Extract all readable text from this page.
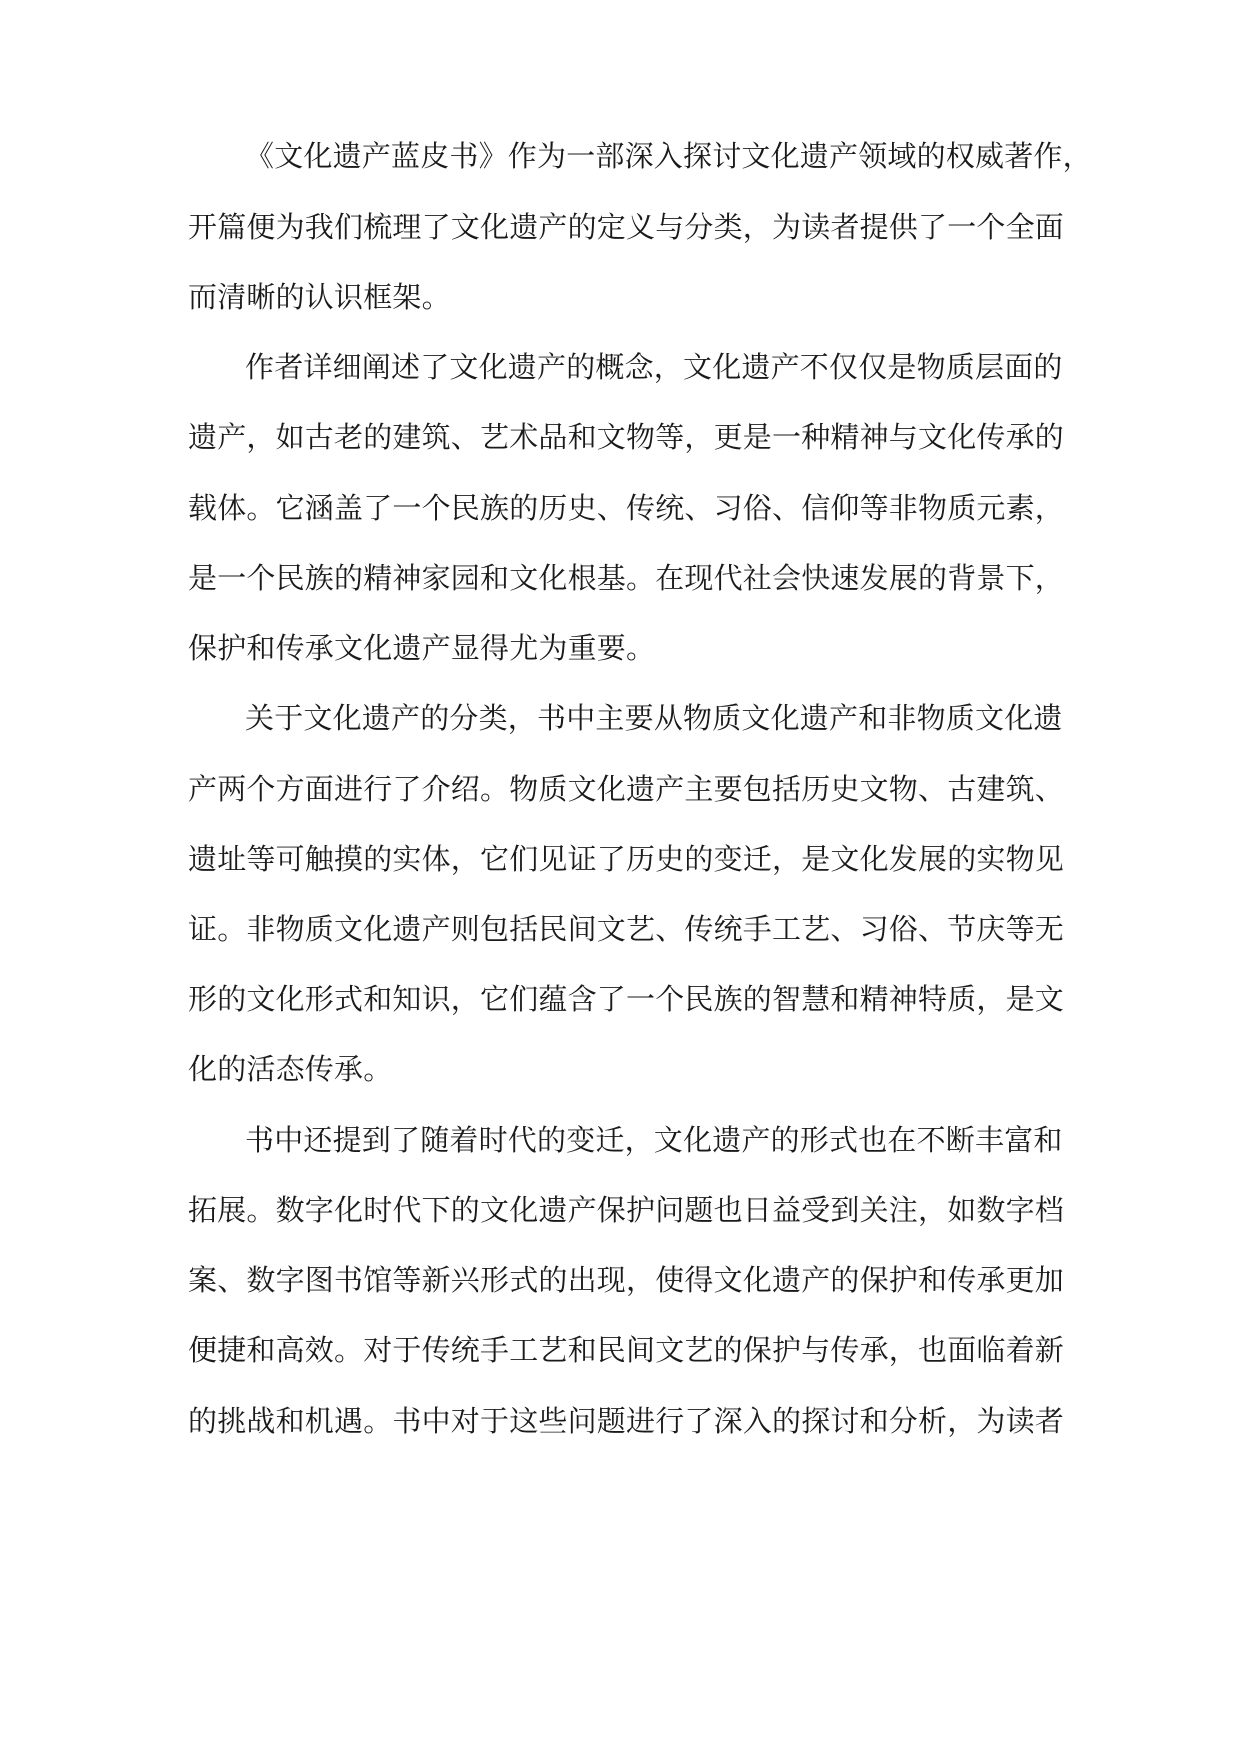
《文化遗产蓝皮书》作为一部深入探讨文化遗产领域的权威著作，
开篇便为我们梳理了文化遗产的定义与分类，为读者提供了一个全面
而清晰的认识框架。
作者详细阐述了文化遗产的概念，文化遗产不仅仅是物质层面的
遗产，如古老的建筑、艺术品和文物等，更是一种精神与文化传承的
载体。它涵盖了一个民族的历史、传统、习俗、信仰等非物质元素，
是一个民族的精神家园和文化根基。在现代社会快速发展的背景下，
保护和传承文化遗产显得尤为重要。
关于文化遗产的分类，书中主要从物质文化遗产和非物质文化遗
产两个方面进行了介绍。物质文化遗产主要包括历史文物、古建筑、
遗址等可触摸的实体，它们见证了历史的变迁，是文化发展的实物见
证。非物质文化遗产则包括民间文艺、传统手工艺、习俗、节庆等无
形的文化形式和知识，它们蕴含了一个民族的智慧和精神特质，是文
化的活态传承。
书中还提到了随着时代的变迁，文化遗产的形式也在不断丰富和
拓展。数字化时代下的文化遗产保护问题也日益受到关注，如数字档
案、数字图书馆等新兴形式的出现，使得文化遗产的保护和传承更加
便捷和高效。对于传统手工艺和民间文艺的保护与传承，也面临着新
的挑战和机遇。书中对于这些问题进行了深入的探讨和分析，为读者
